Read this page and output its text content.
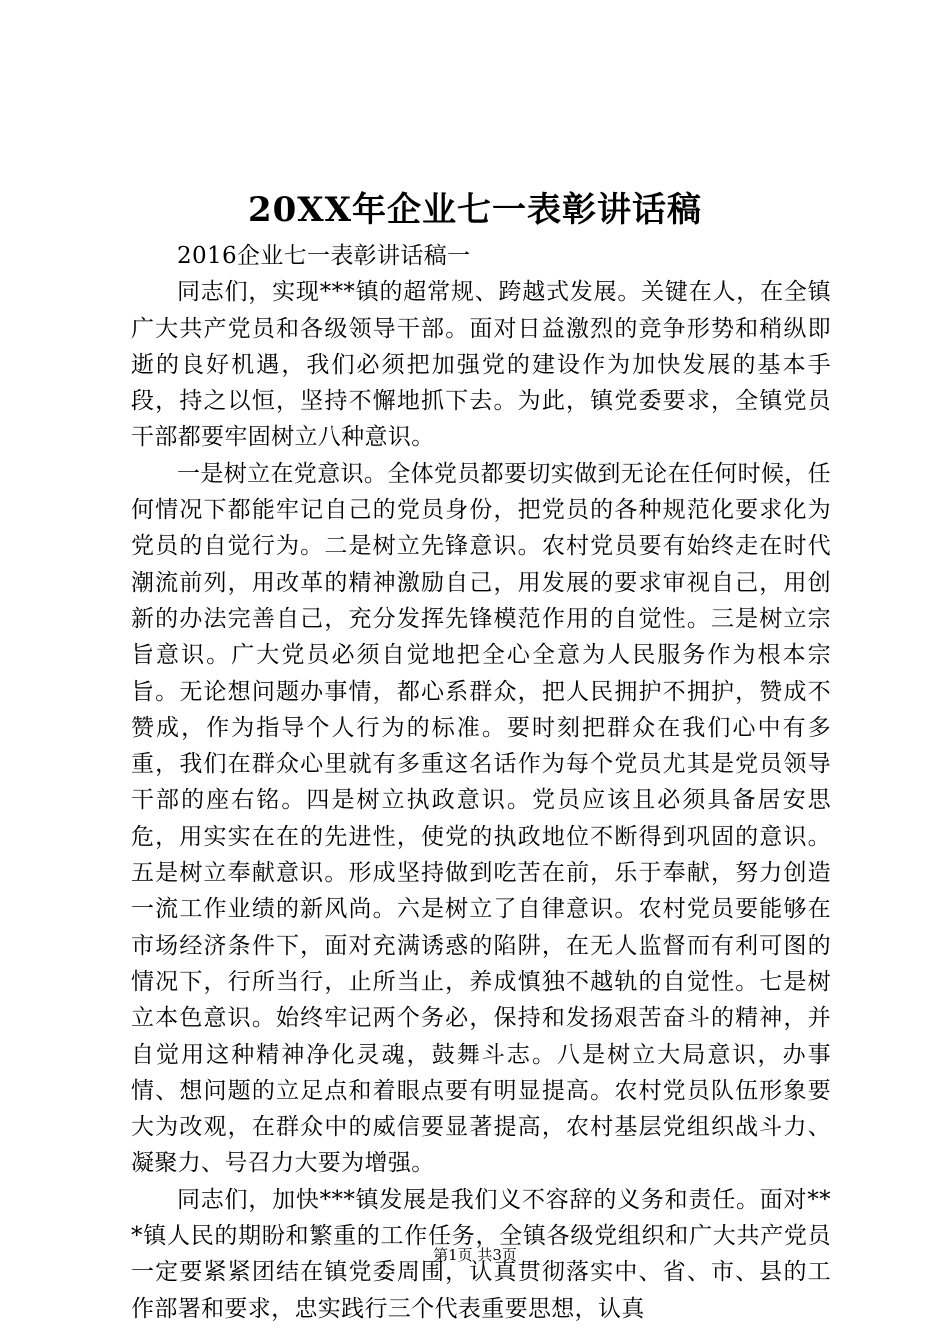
20XX年企业七一表彰讲话稿

2016企业七一表彰讲话稿一

同志们，实现***镇的超常规、跨越式发展。关键在人，在全镇广大共产党员和各级领导干部。面对日益激烈的竞争形势和稍纵即逝的良好机遇，我们必须把加强党的建设作为加快发展的基本手段，持之以恒，坚持不懈地抓下去。为此，镇党委要求，全镇党员干部都要牢固树立八种意识。

一是树立在党意识。全体党员都要切实做到无论在任何时候，任何情况下都能牢记自己的党员身份，把党员的各种规范化要求化为党员的自觉行为。二是树立先锋意识。农村党员要有始终走在时代潮流前列，用改革的精神激励自己，用发展的要求审视自己，用创新的办法完善自己，充分发挥先锋模范作用的自觉性。三是树立宗旨意识。广大党员必须自觉地把全心全意为人民服务作为根本宗旨。无论想问题办事情，都心系群众，把人民拥护不拥护，赞成不赞成，作为指导个人行为的标准。要时刻把群众在我们心中有多重，我们在群众心里就有多重这名话作为每个党员尤其是党员领导干部的座右铭。四是树立执政意识。党员应该且必须具备居安思危，用实实在在的先进性，使党的执政地位不断得到巩固的意识。五是树立奉献意识。形成坚持做到吃苦在前，乐于奉献，努力创造一流工作业绩的新风尚。六是树立了自律意识。农村党员要能够在市场经济条件下，面对充满诱惑的陷阱，在无人监督而有利可图的情况下，行所当行，止所当止，养成慎独不越轨的自觉性。七是树立本色意识。始终牢记两个务必，保持和发扬艰苦奋斗的精神，并自觉用这种精神净化灵魂，鼓舞斗志。八是树立大局意识，办事情、想问题的立足点和着眼点要有明显提高。农村党员队伍形象要大为改观，在群众中的威信要显著提高，农村基层党组织战斗力、凝聚力、号召力大要为增强。

同志们，加快***镇发展是我们义不容辞的义务和责任。面对***镇人民的期盼和繁重的工作任务，全镇各级党组织和广大共产党员一定要紧紧团结在镇党委周围，认真贯彻落实中、省、市、县的工作部署和要求，忠实践行三个代表重要思想，认真

第1页 共3页
